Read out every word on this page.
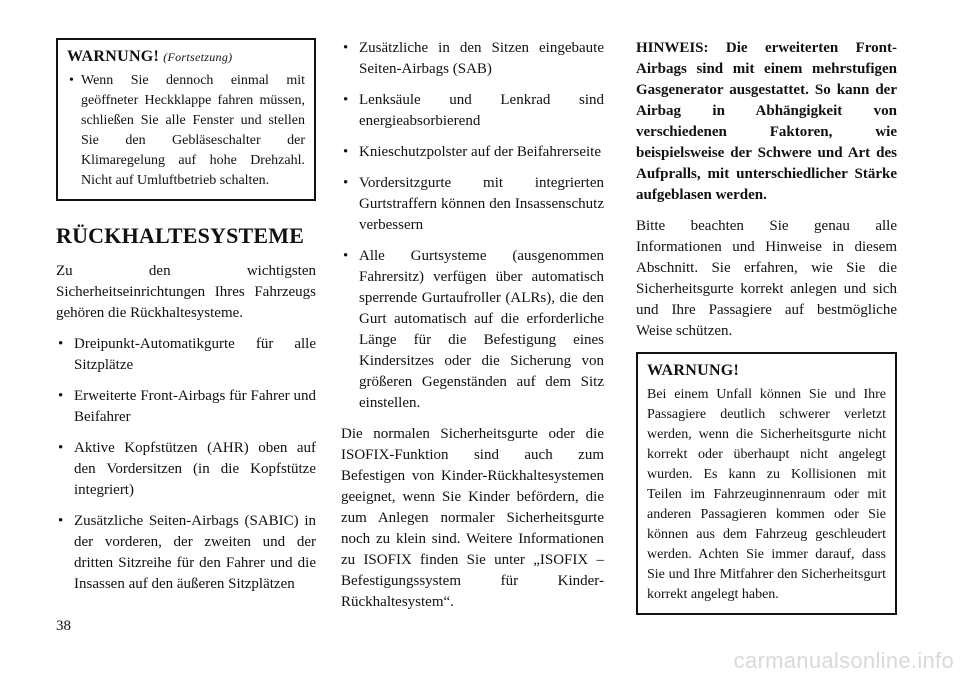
WARNUNG! (Fortsetzung)
• Wenn Sie dennoch einmal mit geöffneter Heckklappe fahren müssen, schließen Sie alle Fenster und stellen Sie den Gebläseschalter der Klimaregelung auf hohe Drehzahl. Nicht auf Umluftbetrieb schalten.
RÜCKHALTESYSTEME

Zu den wichtigsten Sicherheitseinrichtungen Ihres Fahrzeugs gehören die Rückhaltesysteme.

• Dreipunkt-Automatikgurte für alle Sitzplätze
• Erweiterte Front-Airbags für Fahrer und Beifahrer
• Aktive Kopfstützen (AHR) oben auf den Vordersitzen (in die Kopfstütze integriert)
• Zusätzliche Seiten-Airbags (SABIC) in der vorderen, der zweiten und der dritten Sitzreihe für den Fahrer und die Insassen auf den äußeren Sitzplätzen
• Zusätzliche in den Sitzen eingebaute Seiten-Airbags (SAB)
• Lenksäule und Lenkrad sind energieabsorbierend
• Knieschutzpolster auf der Beifahrerseite
• Vordersitzgurte mit integrierten Gurtstraffern können den Insassenschutz verbessern
• Alle Gurtsysteme (ausgenommen Fahrersitz) verfügen über automatisch sperrende Gurtaufroller (ALRs), die den Gurt automatisch auf die erforderliche Länge für die Befestigung eines Kindersitzes oder die Sicherung von größeren Gegenständen auf dem Sitz einstellen.

Die normalen Sicherheitsgurte oder die ISOFIX-Funktion sind auch zum Befestigen von Kinder-Rückhaltesystemen geeignet, wenn Sie Kinder befördern, die zum Anlegen normaler Sicherheitsgurte noch zu klein sind. Weitere Informationen zu ISOFIX finden Sie unter „ISOFIX – Befestigungssystem für Kinder-Rückhaltesystem“.

HINWEIS: Die erweiterten Front-Airbags sind mit einem mehrstufigen Gasgenerator ausgestattet. So kann der Airbag in Abhängigkeit von verschiedenen Faktoren, wie beispielsweise der Schwere und Art des Aufpralls, mit unterschiedlicher Stärke aufgeblasen werden.

Bitte beachten Sie genau alle Informationen und Hinweise in diesem Abschnitt. Sie erfahren, wie Sie die Sicherheitsgurte korrekt anlegen und sich und Ihre Passagiere auf bestmögliche Weise schützen.

WARNUNG!
Bei einem Unfall können Sie und Ihre Passagiere deutlich schwerer verletzt werden, wenn die Sicherheitsgurte nicht korrekt oder überhaupt nicht angelegt wurden. Es kann zu Kollisionen mit Teilen im Fahrzeuginnenraum oder mit anderen Passagieren kommen oder Sie können aus dem Fahrzeug geschleudert werden. Achten Sie immer darauf, dass Sie und Ihre Mitfahrer den Sicherheitsgurt korrekt angelegt haben.
38
carmanualsonline.info
